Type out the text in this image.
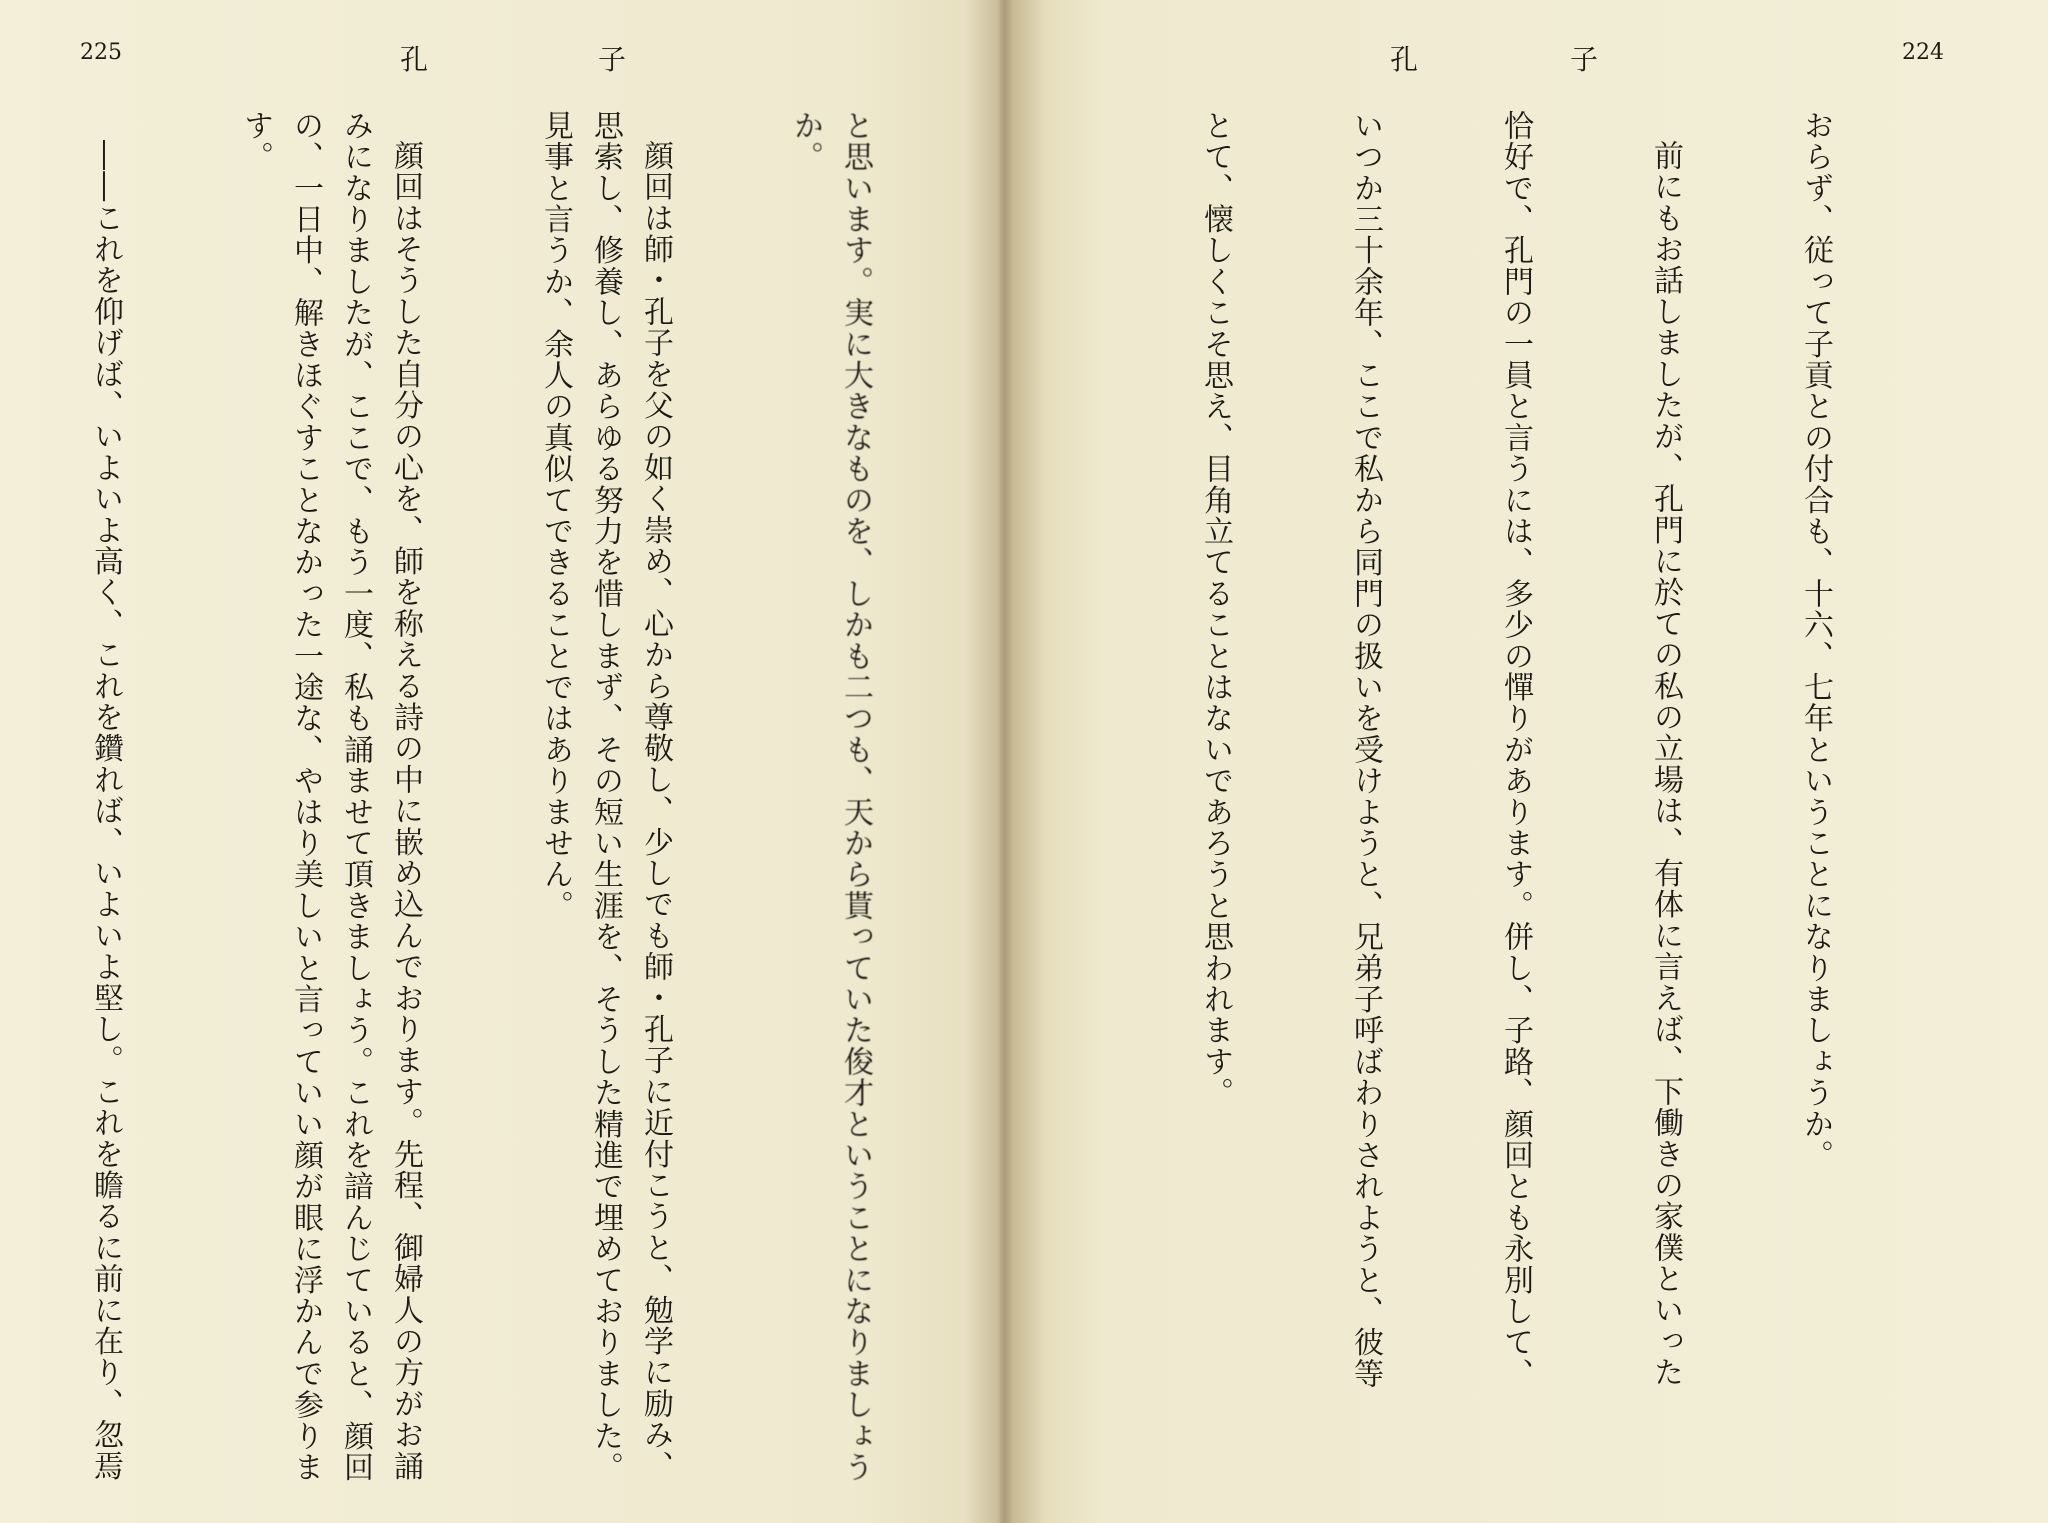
225	孔	子

と思います。実に大きなものを、しかも二つも、天から貰っていた俊才ということになりましょうか。

顔回は師・孔子を父の如く崇め、心から尊敬し、少しでも師・孔子に近付こうと、勉学に励み、思索し、修養し、あらゆる努力を惜しまず、その短い生涯を、そうした精進で埋めておりました。見事と言うか、余人の真似てできることではありません。

顔回はそうした自分の心を、師を称える詩の中に嵌め込んでおります。先程、御婦人の方がお誦みになりましたが、ここで、もう一度、私も誦ませて頂きましょう。これを諳んじていると、顔回の、一日中、解きほぐすことなかった一途な、やはり美しいと言っていい顔が眼に浮かんで参ります。

――これを仰げば、いよいよ高く、これを鑽れば、いよいよ堅し。これを瞻るに前に在り、忽焉

孔	子	224

おらず、従って子貢との付合も、十六、七年ということになりましょうか。

前にもお話しましたが、孔門に於ての私の立場は、有体に言えば、下働きの家僕といった

恰好で、孔門の一員と言うには、多少の憚りがあります。併し、子路、顔回とも永別して、

いつか三十余年、ここで私から同門の扱いを受けようと、兄弟子呼ばわりされようと、彼等

とて、懐しくこそ思え、目角立てることはないであろうと思われます。
